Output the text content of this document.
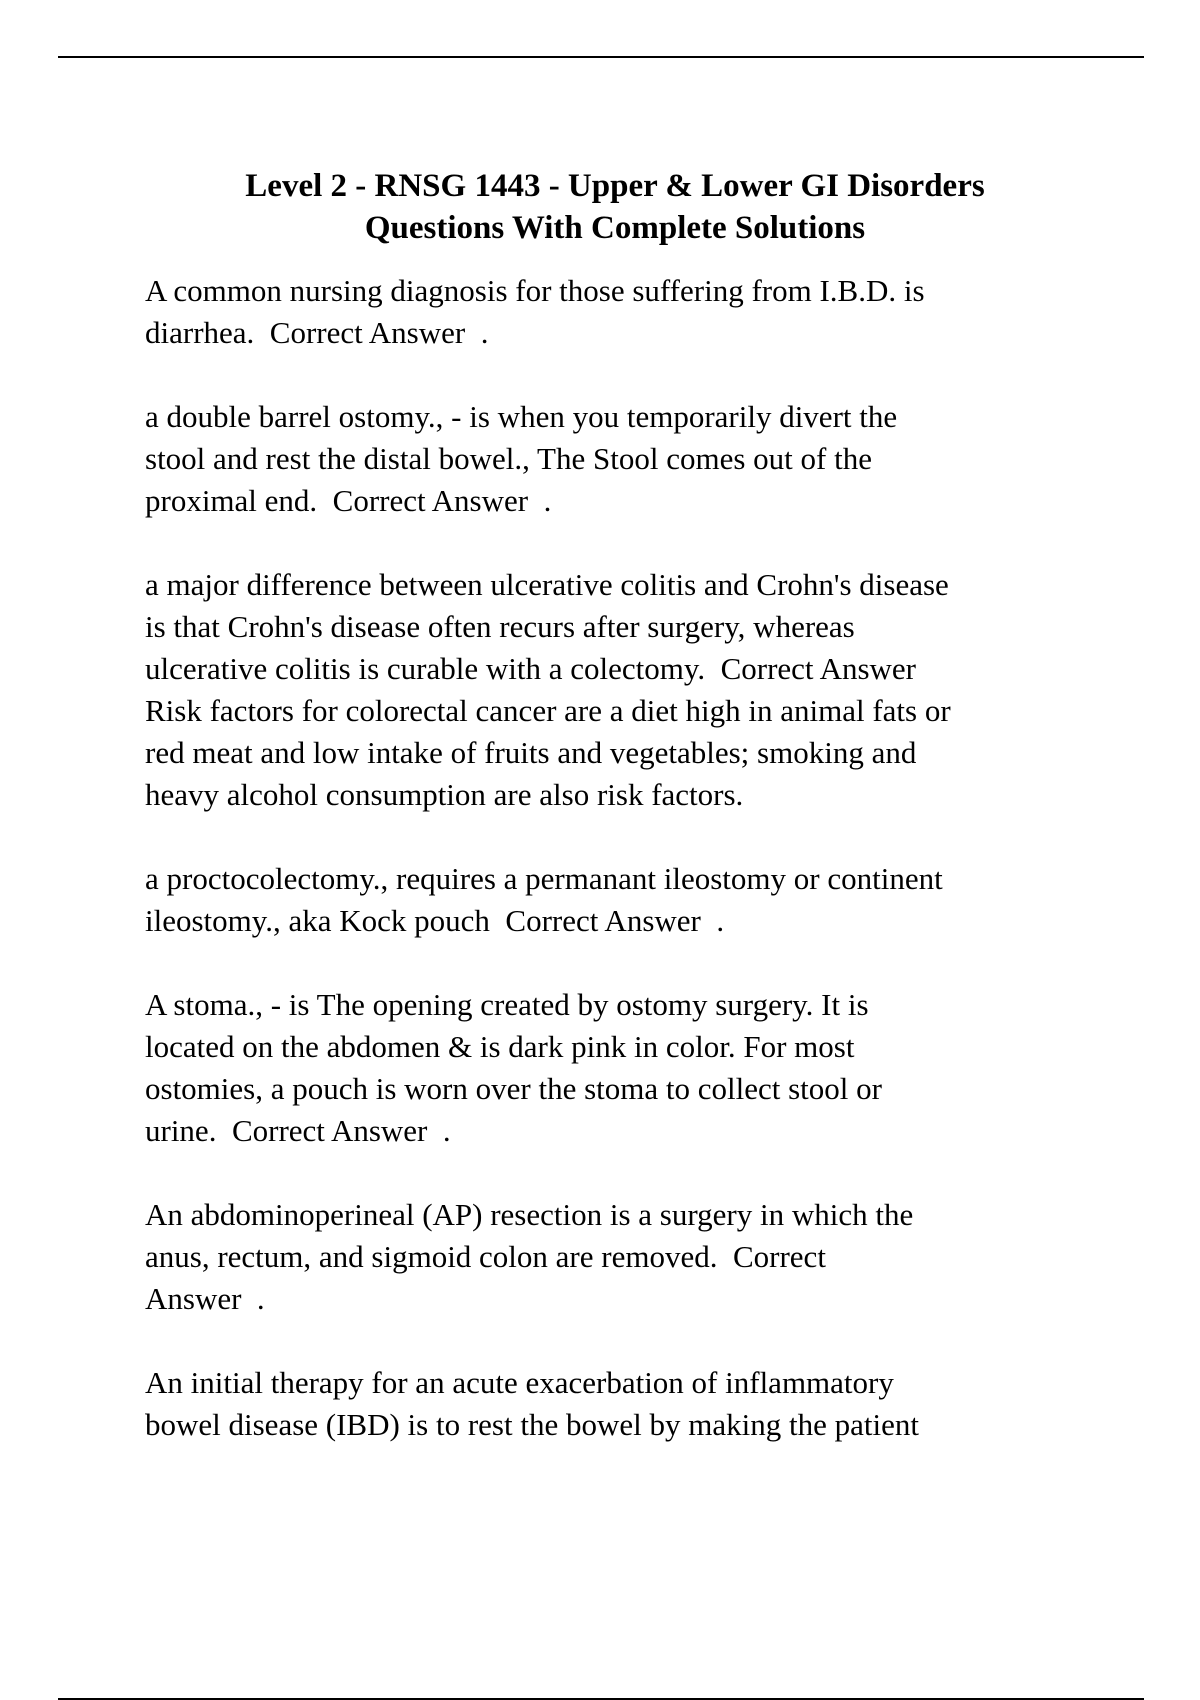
Level 2 - RNSG 1443 - Upper & Lower GI Disorders
Questions With Complete Solutions

A common nursing diagnosis for those suffering from I.B.D. is
diarrhea.  Correct Answer  .

a double barrel ostomy., - is when you temporarily divert the
stool and rest the distal bowel., The Stool comes out of the
proximal end.  Correct Answer  .

a major difference between ulcerative colitis and Crohn's disease
is that Crohn's disease often recurs after surgery, whereas
ulcerative colitis is curable with a colectomy.  Correct Answer
Risk factors for colorectal cancer are a diet high in animal fats or
red meat and low intake of fruits and vegetables; smoking and
heavy alcohol consumption are also risk factors.

a proctocolectomy., requires a permanant ileostomy or continent
ileostomy., aka Kock pouch  Correct Answer  .

A stoma., - is The opening created by ostomy surgery. It is
located on the abdomen & is dark pink in color. For most
ostomies, a pouch is worn over the stoma to collect stool or
urine.  Correct Answer  .

An abdominoperineal (AP) resection is a surgery in which the
anus, rectum, and sigmoid colon are removed.  Correct
Answer  .

An initial therapy for an acute exacerbation of inflammatory
bowel disease (IBD) is to rest the bowel by making the patient
